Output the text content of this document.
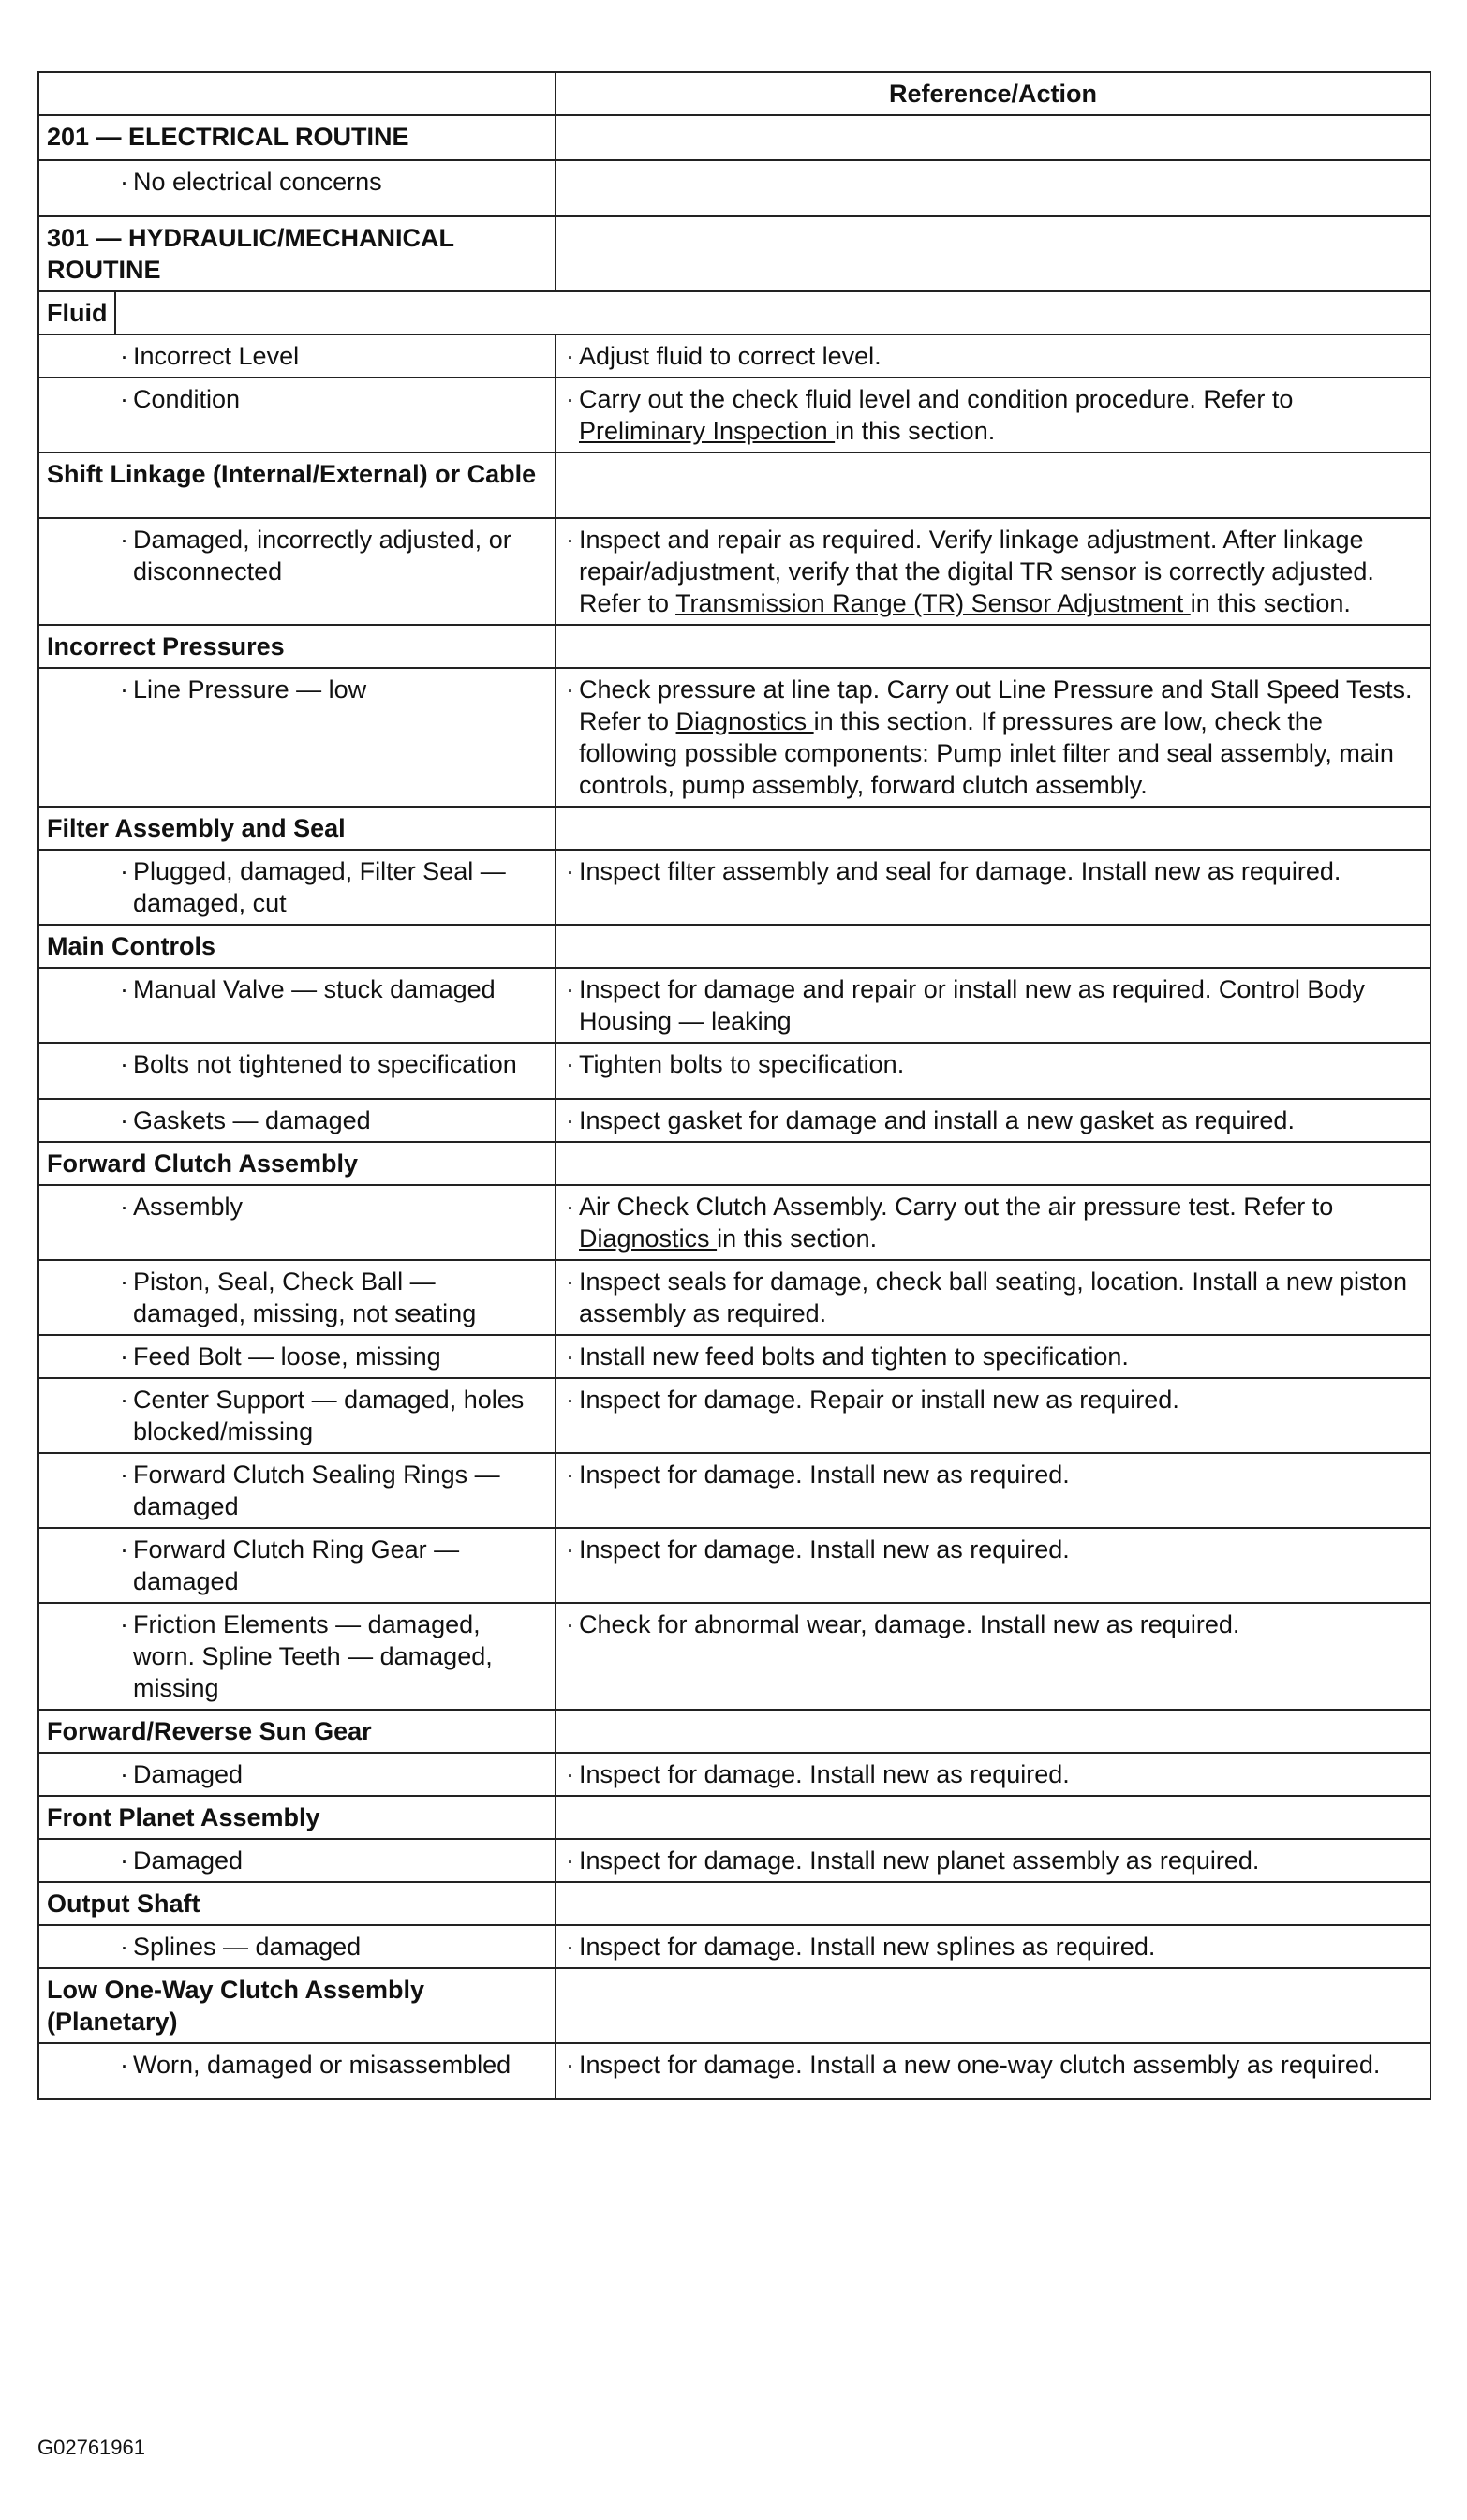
	Reference/Action
201 — ELECTRICAL ROUTINE	
· No electrical concerns	
301 — HYDRAULIC/MECHANICAL ROUTINE	
Fluid	
· Incorrect Level	· Adjust fluid to correct level.
· Condition	· Carry out the check fluid level and condition procedure. Refer to Preliminary Inspection in this section.
Shift Linkage (Internal/External) or Cable	
· Damaged, incorrectly adjusted, or disconnected	· Inspect and repair as required. Verify linkage adjustment. After linkage repair/adjustment, verify that the digital TR sensor is correctly adjusted. Refer to Transmission Range (TR) Sensor Adjustment in this section.
Incorrect Pressures	
· Line Pressure — low	· Check pressure at line tap. Carry out Line Pressure and Stall Speed Tests. Refer to Diagnostics in this section. If pressures are low, check the following possible components: Pump inlet filter and seal assembly, main controls, pump assembly, forward clutch assembly.
Filter Assembly and Seal	
· Plugged, damaged, Filter Seal — damaged, cut	· Inspect filter assembly and seal for damage. Install new as required.
Main Controls	
· Manual Valve — stuck damaged	· Inspect for damage and repair or install new as required. Control Body Housing — leaking
· Bolts not tightened to specification	· Tighten bolts to specification.
· Gaskets — damaged	· Inspect gasket for damage and install a new gasket as required.
Forward Clutch Assembly	
· Assembly	· Air Check Clutch Assembly. Carry out the air pressure test. Refer to Diagnostics in this section.
· Piston, Seal, Check Ball — damaged, missing, not seating	· Inspect seals for damage, check ball seating, location. Install a new piston assembly as required.
· Feed Bolt — loose, missing	· Install new feed bolts and tighten to specification.
· Center Support — damaged, holes blocked/missing	· Inspect for damage. Repair or install new as required.
· Forward Clutch Sealing Rings — damaged	· Inspect for damage. Install new as required.
· Forward Clutch Ring Gear — damaged	· Inspect for damage. Install new as required.
· Friction Elements — damaged, worn. Spline Teeth — damaged, missing	· Check for abnormal wear, damage. Install new as required.
Forward/Reverse Sun Gear	
· Damaged	· Inspect for damage. Install new as required.
Front Planet Assembly	
· Damaged	· Inspect for damage. Install new planet assembly as required.
Output Shaft	
· Splines — damaged	· Inspect for damage. Install new splines as required.
Low One-Way Clutch Assembly (Planetary)	
· Worn, damaged or misassembled	· Inspect for damage. Install a new one-way clutch assembly as required.
G02761961
